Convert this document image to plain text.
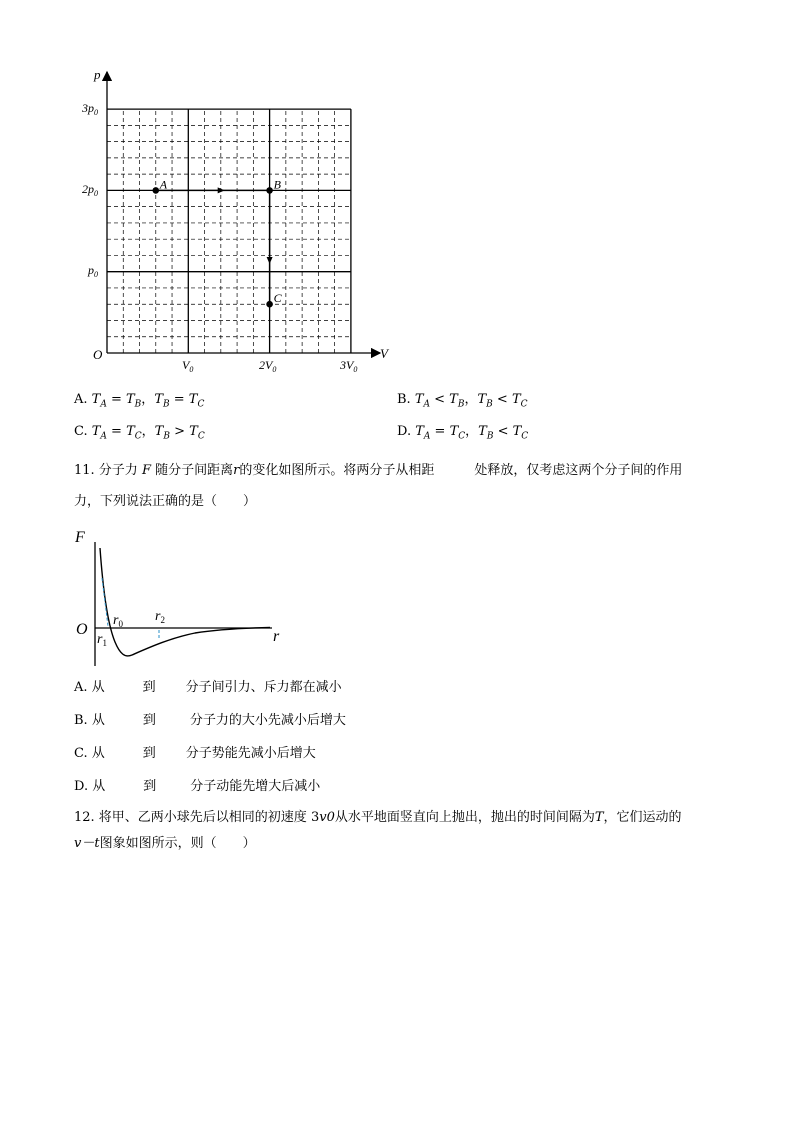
p
V
O
$3p_0$
$2p_0$
$p_0$
$V_0$	$2V_0$	$3V_0$
A	B
C
A. $T_A = T_B$，$T_B = T_C$	B. $T_A < T_B$，$T_B < T_C$
C. $T_A = T_C$，$T_B > T_C$	D. $T_A = T_C$，$T_B < T_C$
11. 分子力 F 随分子间距离r的变化如图所示。将两分子从相距	处释放，仅考虑这两个分子间的作用
力，下列说法正确的是（　　）
F
O	r
$r_0$
$r_1$
$r_2$
A. 从	到 分子间引力、斥力都在减小
B. 从	到	分子力的大小先减小后增大
C. 从	到 分子势能先减小后增大
D. 从	到	分子动能先增大后减小
12. 将甲、乙两小球先后以相同的初速度 3v0从水平地面竖直向上抛出，抛出的时间间隔为T，它们运动的
v－t图象如图所示，则（　　）
